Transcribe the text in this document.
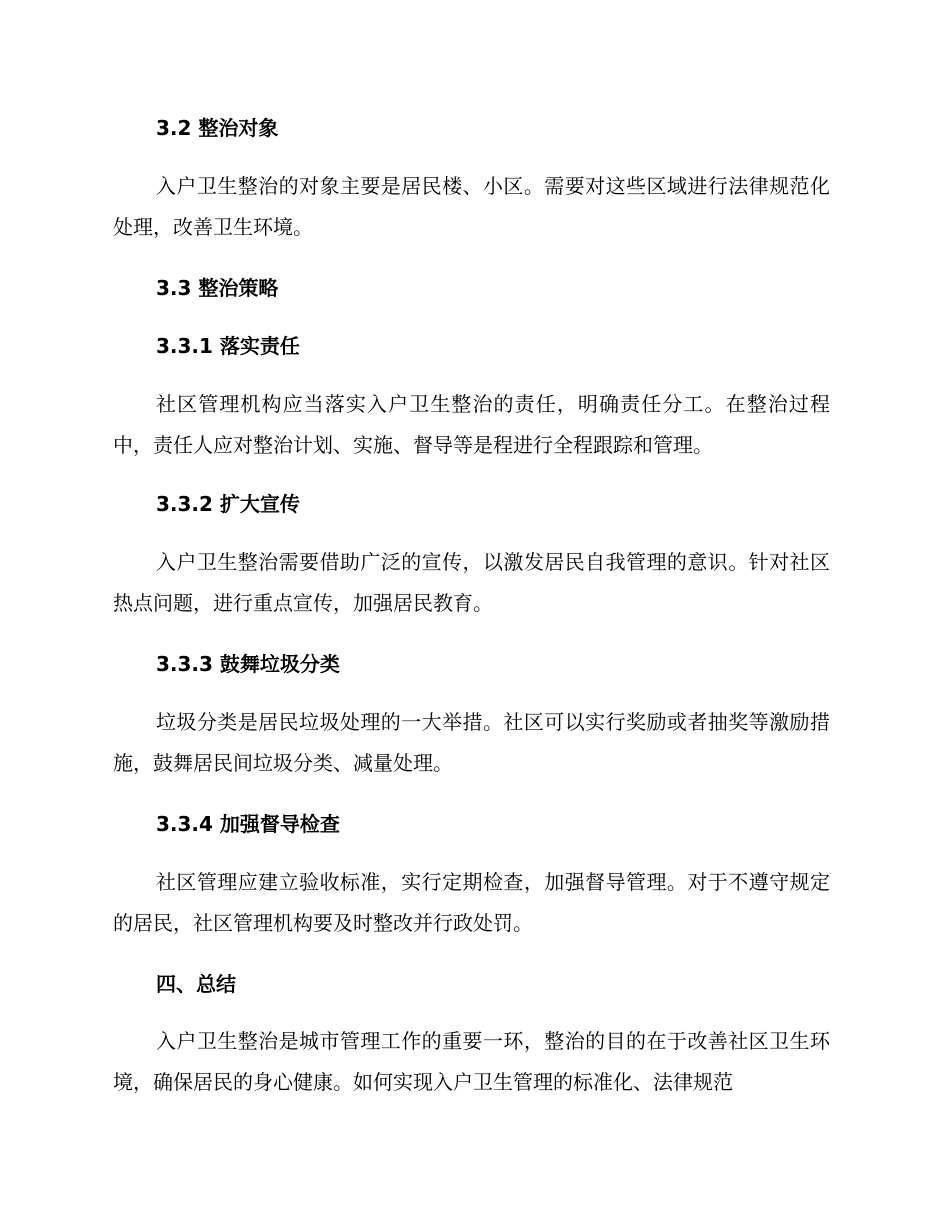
3.2 整治对象
入户卫生整治的对象主要是居民楼、小区。需要对这些区域进行法律规范化处理，改善卫生环境。
3.3 整治策略
3.3.1 落实责任
社区管理机构应当落实入户卫生整治的责任，明确责任分工。在整治过程中，责任人应对整治计划、实施、督导等是程进行全程跟踪和管理。
3.3.2 扩大宣传
入户卫生整治需要借助广泛的宣传，以激发居民自我管理的意识。针对社区热点问题，进行重点宣传，加强居民教育。
3.3.3 鼓舞垃圾分类
垃圾分类是居民垃圾处理的一大举措。社区可以实行奖励或者抽奖等激励措施，鼓舞居民间垃圾分类、减量处理。
3.3.4 加强督导检查
社区管理应建立验收标准，实行定期检查，加强督导管理。对于不遵守规定的居民，社区管理机构要及时整改并行政处罚。
四、总结
入户卫生整治是城市管理工作的重要一环，整治的目的在于改善社区卫生环境，确保居民的身心健康。如何实现入户卫生管理的标准化、法律规范
